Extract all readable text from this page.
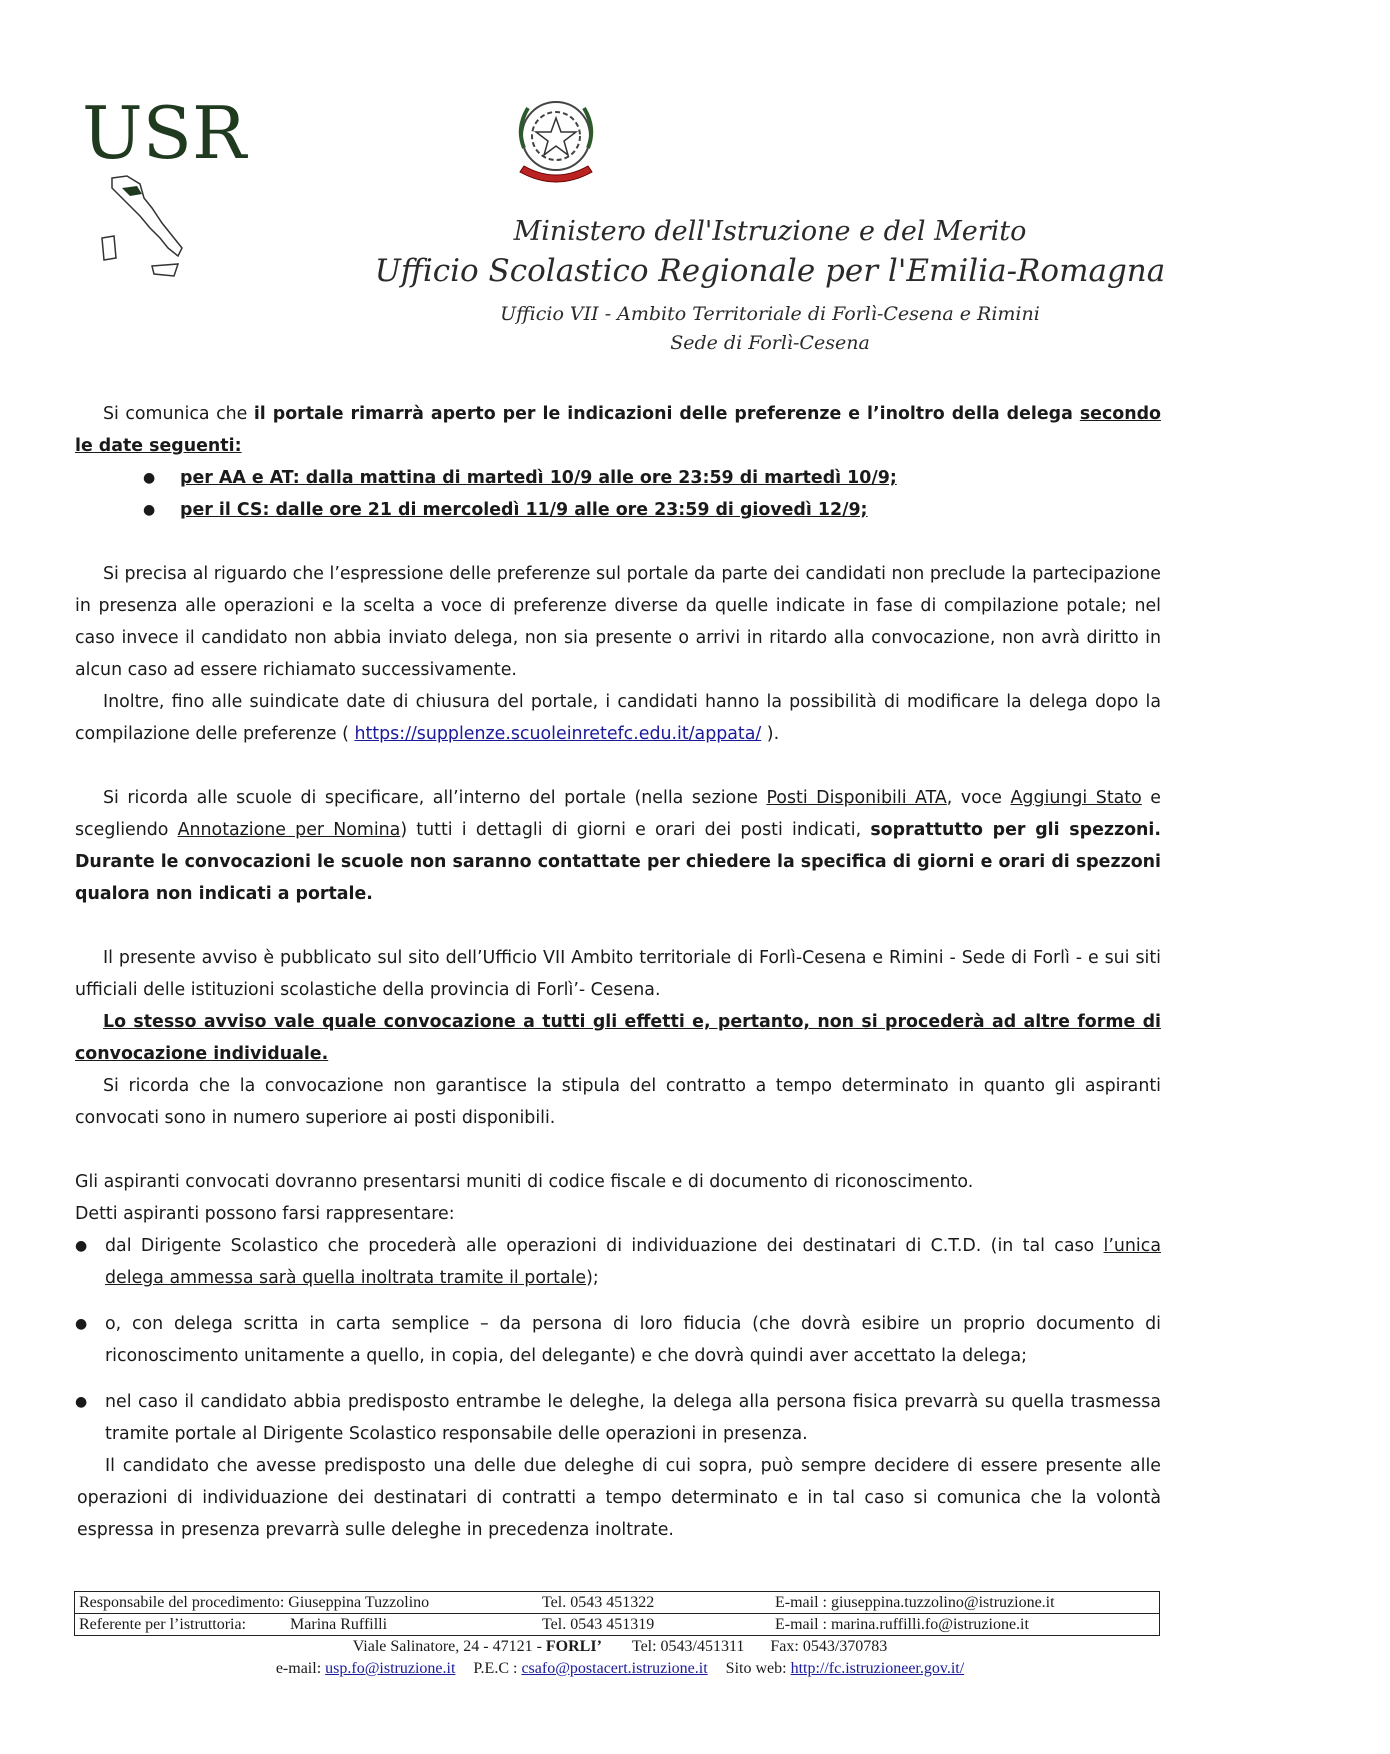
USR
Ministero dell'Istruzione e del Merito
Ufficio Scolastico Regionale per l'Emilia-Romagna
Ufficio VII - Ambito Territoriale di Forlì-Cesena e Rimini
Sede di Forlì-Cesena

Si comunica che il portale rimarrà aperto per le indicazioni delle preferenze e l’inoltro della delega secondo le date seguenti:

● per AA e AT: dalla mattina di martedì 10/9 alle ore 23:59 di martedì 10/9;

● per il CS: dalle ore 21 di mercoledì 11/9 alle ore 23:59 di giovedì 12/9;

Si precisa al riguardo che l’espressione delle preferenze sul portale da parte dei candidati non preclude la partecipazione in presenza alle operazioni e la scelta a voce di preferenze diverse da quelle indicate in fase di compilazione potale; nel caso invece il candidato non abbia inviato delega, non sia presente o arrivi in ritardo alla convocazione, non avrà diritto in alcun caso ad essere richiamato successivamente.

Inoltre, fino alle suindicate date di chiusura del portale, i candidati hanno la possibilità di modificare la delega dopo la compilazione delle preferenze ( https://supplenze.scuoleinretefc.edu.it/appata/ ).

Si ricorda alle scuole di specificare, all’interno del portale (nella sezione Posti Disponibili ATA, voce Aggiungi Stato e scegliendo Annotazione per Nomina) tutti i dettagli di giorni e orari dei posti indicati, soprattutto per gli spezzoni. Durante le convocazioni le scuole non saranno contattate per chiedere la specifica di giorni e orari di spezzoni qualora non indicati a portale.

Il presente avviso è pubblicato sul sito dell’Ufficio VII Ambito territoriale di Forlì-Cesena e Rimini - Sede di Forlì - e sui siti ufficiali delle istituzioni scolastiche della provincia di Forlì’- Cesena.

Lo stesso avviso vale quale convocazione a tutti gli effetti e, pertanto, non si procederà ad altre forme di convocazione individuale.

Si ricorda che la convocazione non garantisce la stipula del contratto a tempo determinato in quanto gli aspiranti convocati sono in numero superiore ai posti disponibili.

Gli aspiranti convocati dovranno presentarsi muniti di codice fiscale e di documento di riconoscimento.

Detti aspiranti possono farsi rappresentare:

● dal Dirigente Scolastico che procederà alle operazioni di individuazione dei destinatari di C.T.D. (in tal caso l’unica delega ammessa sarà quella inoltrata tramite il portale);

● o, con delega scritta in carta semplice – da persona di loro fiducia (che dovrà esibire un proprio documento di riconoscimento unitamente a quello, in copia, del delegante) e che dovrà quindi aver accettato la delega;

● nel caso il candidato abbia predisposto entrambe le deleghe, la delega alla persona fisica prevarrà su quella trasmessa tramite portale al Dirigente Scolastico responsabile delle operazioni in presenza.

Il candidato che avesse predisposto una delle due deleghe di cui sopra, può sempre decidere di essere presente alle operazioni di individuazione dei destinatari di contratti a tempo determinato e in tal caso si comunica che la volontà espressa in presenza prevarrà sulle deleghe in precedenza inoltrate.

Responsabile del procedimento: Giuseppina Tuzzolino	Tel. 0543 451322	E-mail : giuseppina.tuzzolino@istruzione.it
Referente per l’istruttoria: Marina Ruffilli	Tel. 0543 451319	E-mail : marina.ruffilli.fo@istruzione.it
Viale Salinatore, 24 - 47121 - FORLI’ Tel: 0543/451311 Fax: 0543/370783
e-mail: usp.fo@istruzione.it P.E.C : csafo@postacert.istruzione.it Sito web: http://fc.istruzioneer.gov.it/
